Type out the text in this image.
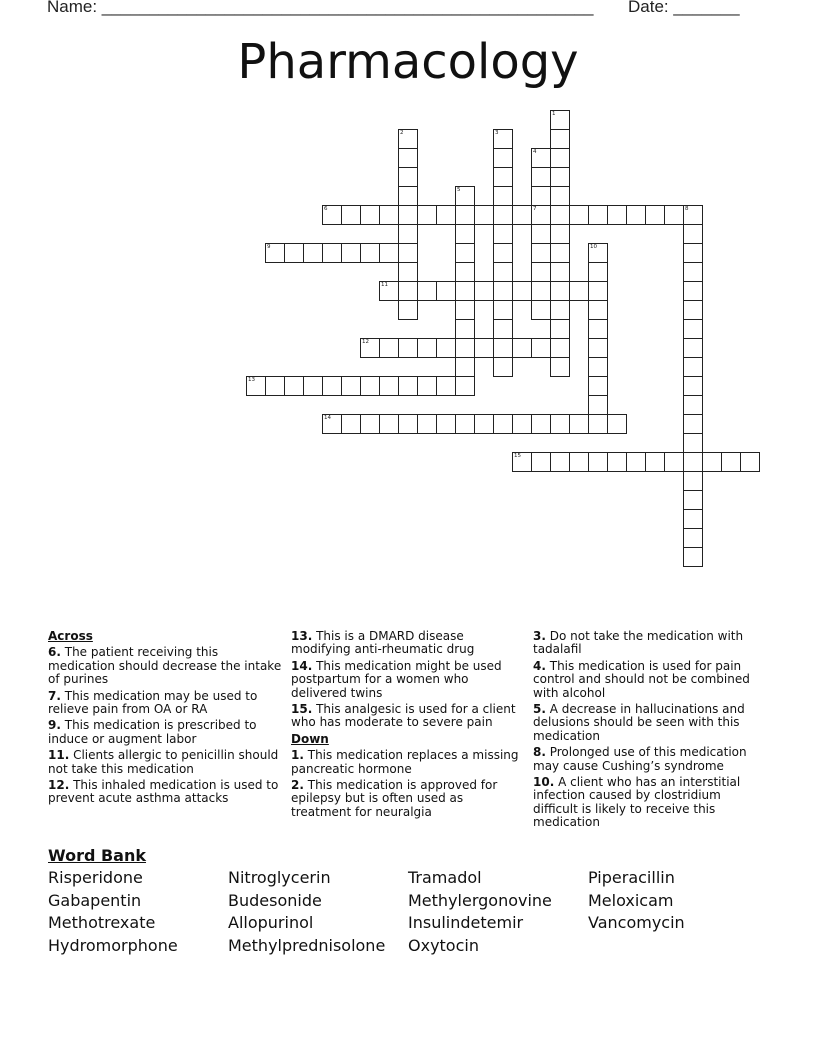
Name: ____________________________________________________ Date: _______
Pharmacology
1
2	3
4
7
5
6	8
9	10
11
12
13
14
15
Across
6. The patient receiving this medication should decrease the intake of purines
7. This medication may be used to relieve pain from OA or RA
9. This medication is prescribed to induce or augment labor
11. Clients allergic to penicillin should not take this medication
12. This inhaled medication is used to prevent acute asthma attacks
13. This is a DMARD disease modifying anti-rheumatic drug
14. This medication might be used postpartum for a women who delivered twins
15. This analgesic is used for a client who has moderate to severe pain
Down
1. This medication replaces a missing pancreatic hormone
2. This medication is approved for epilepsy but is often used as treatment for neuralgia
3. Do not take the medication with tadalafil
4. This medication is used for pain control and should not be combined with alcohol
5. A decrease in hallucinations and delusions should be seen with this medication
8. Prolonged use of this medication may cause Cushing’s syndrome
10. A client who has an interstitial infection caused by clostridium difficult is likely to receive this medication
Word Bank
Risperidone	Nitroglycerin	Tramadol	Piperacillin
Gabapentin	Budesonide	Methylergonovine	Meloxicam
Methotrexate	Allopurinol	Insulindetemir	Vancomycin
Hydromorphone	Methylprednisolone	Oxytocin
